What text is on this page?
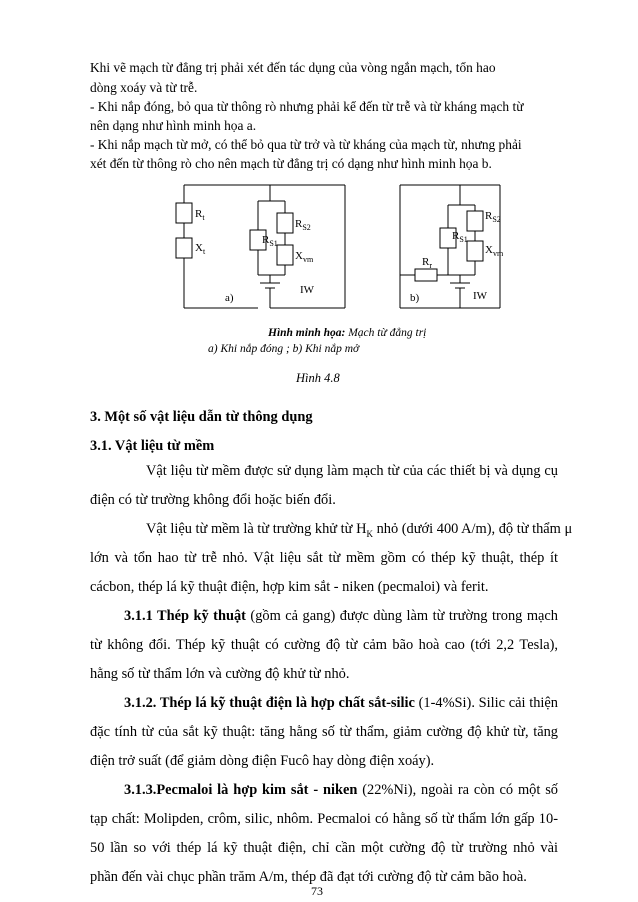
Khi vẽ mạch từ đẳng trị phải xét đến tác dụng của vòng ngắn mạch, tổn hao
dòng xoáy và từ trễ.
- Khi nắp đóng, bỏ qua từ thông rò nhưng phải kể đến từ trễ và từ kháng mạch từ
nên dạng như hình minh họa a.
- Khi nắp mạch từ mở, có thể bỏ qua từ trở và từ kháng của mạch từ, nhưng phải
xét đến từ thông rò cho nên mạch từ đẳng trị có dạng như hình minh họa b.
$R_t$
$X_t$
$R_{S1}$
$R_{S2}$
$X_{vm}$
IW
a)
$R_{S2}$
$R_{S1}$
$X_{vm}$
$R_r$
IW
b)
Hình minh họa: Mạch từ đẳng trị
a) Khi nắp đóng ; b) Khi nắp mở
Hình 4.8
3. Một số vật liệu dẫn từ thông dụng
3.1. Vật liệu từ mềm
Vật liệu từ mềm được sử dụng làm mạch từ của các thiết bị và dụng cụ
điện có từ trường không đổi hoặc biến đổi.
Vật liệu từ mềm là từ trường khử từ $H_K$ nhỏ (dưới 400 A/m), độ từ thẩm μ
lớn và tổn hao từ trễ nhỏ. Vật liệu sắt từ mềm gồm có thép kỹ thuật, thép ít
cácbon, thép lá kỹ thuật điện, hợp kim sắt - niken (pecmaloi) và ferit.
3.1.1 Thép kỹ thuật (gồm cả gang) được dùng làm từ trường trong mạch
từ không đổi. Thép kỹ thuật có cường độ từ cảm bão hoà cao (tới 2,2 Tesla),
hằng số từ thẩm lớn và cường độ khử từ nhỏ.
3.1.2. Thép lá kỹ thuật điện là hợp chất sắt-silic (1-4%Si). Silic cải thiện
đặc tính từ của sắt kỹ thuật: tăng hằng số từ thẩm, giảm cường độ khử từ, tăng
điện trở suất (để giảm dòng điện Fucô hay dòng điện xoáy).
3.1.3.Pecmaloi là hợp kim sắt - niken (22%Ni), ngoài ra còn có một số
tạp chất: Molipden, crôm, silic, nhôm. Pecmaloi có hằng số từ thẩm lớn gấp 10-
50 lần so với thép lá kỹ thuật điện, chỉ cần một cường độ từ trường nhỏ vài
phần đến vài chục phần trăm A/m, thép đã đạt tới cường độ từ cảm bão hoà.
73
